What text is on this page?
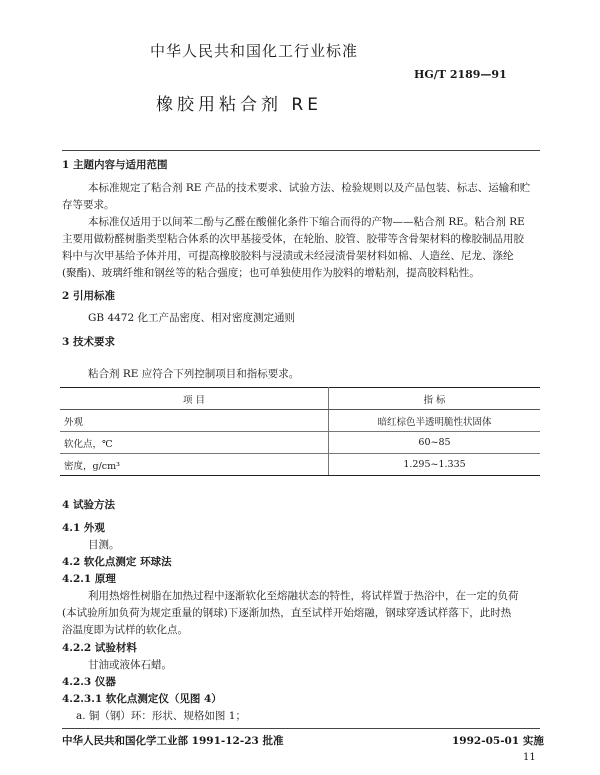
中华人民共和国化工行业标准
HG/T 2189—91
橡胶用粘合剂 RE
1 主题内容与适用范围
本标准规定了粘合剂 RE 产品的技术要求、试验方法、检验规则以及产品包装、标志、运输和贮
存等要求。
本标准仅适用于以间苯二酚与乙醛在酸催化条件下缩合而得的产物——粘合剂 RE。粘合剂 RE
主要用做粉醛树脂类型粘合体系的次甲基接受体，在轮胎、胶管、胶带等含骨架材料的橡胶制品用胶
料中与次甲基给予体并用，可提高橡胶胶料与浸渍或未经浸渍骨架材料如棉、人造丝、尼龙、涤纶
(聚酯)、玻璃纤维和钢丝等的粘合强度；也可单独使用作为胶料的增粘剂，提高胶料粘性。
2 引用标准
GB 4472 化工产品密度、相对密度测定通则
3 技术要求
粘合剂 RE 应符合下列控制项目和指标要求。
项 目	指 标
外观	暗红棕色半透明脆性状固体
软化点，℃	60~85
密度，g/cm³	1.295~1.335
4 试验方法
4.1 外观
目测。
4.2 软化点测定 环球法
4.2.1 原理
利用热熔性树脂在加热过程中逐渐软化至熔融状态的特性，将试样置于热浴中，在一定的负荷
(本试验所加负荷为规定重量的钢球)下逐渐加热，直至试样开始熔融，钢球穿透试样落下，此时热
浴温度即为试样的软化点。
4.2.2 试验材料
甘油或液体石蜡。
4.2.3 仪器
4.2.3.1 软化点测定仪（见图 4）
a. 铜（钢）环：形状、规格如图 1；
中华人民共和国化学工业部 1991-12-23 批准	1992-05-01 实施
11
